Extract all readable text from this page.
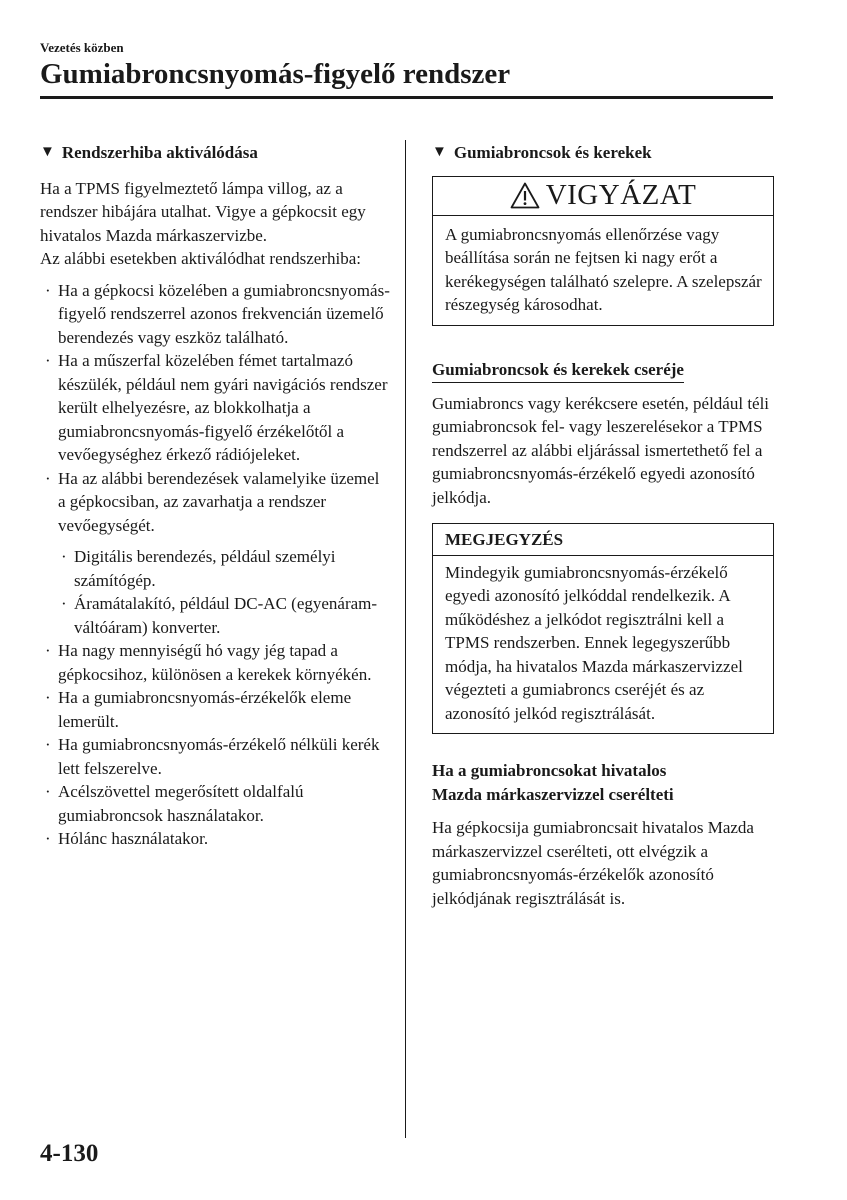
Vezetés közben
Gumiabroncsnyomás-figyelő rendszer
▼ Rendszerhiba aktiválódása

Ha a TPMS figyelmeztető lámpa villog, az a rendszer hibájára utalhat. Vigye a gépkocsit egy hivatalos Mazda márkaszervizbe.

Az alábbi esetekben aktiválódhat rendszerhiba:

· Ha a gépkocsi közelében a gumiabroncsnyomás-figyelő rendszerrel azonos frekvencián üzemelő berendezés vagy eszköz található.
· Ha a műszerfal közelében fémet tartalmazó készülék, például nem gyári navigációs rendszer került elhelyezésre, az blokkolhatja a gumiabroncsnyomás-figyelő érzékelőtől a vevőegységhez érkező rádiójeleket.
· Ha az alábbi berendezések valamelyike üzemel a gépkocsiban, az zavarhatja a rendszer vevőegységét.
· Digitális berendezés, például személyi számítógép.
· Áramátalakító, például DC-AC (egyenáram-váltóáram) konverter.
· Ha nagy mennyiségű hó vagy jég tapad a gépkocsihoz, különösen a kerekek környékén.
· Ha a gumiabroncsnyomás-érzékelők eleme lemerült.
· Ha gumiabroncsnyomás-érzékelő nélküli kerék lett felszerelve.
· Acélszövettel megerősített oldalfalú gumiabroncsok használatakor.
· Hólánc használatakor.
▼ Gumiabroncsok és kerekek
VIGYÁZAT
A gumiabroncsnyomás ellenőrzése vagy beállítása során ne fejtsen ki nagy erőt a kerékegységen található szelepre. A szelepszár részegység károsodhat.
Gumiabroncsok és kerekek cseréje

Gumiabroncs vagy kerékcsere esetén, például téli gumiabroncsok fel- vagy leszerelésekor a TPMS rendszerrel az alábbi eljárással ismertethető fel a gumiabroncsnyomás-érzékelő egyedi azonosító jelkódja.

MEGJEGYZÉS
Mindegyik gumiabroncsnyomás-érzékelő egyedi azonosító jelkóddal rendelkezik. A működéshez a jelkódot regisztrálni kell a TPMS rendszerben. Ennek legegyszerűbb módja, ha hivatalos Mazda márkaszervizzel végezteti a gumiabroncs cseréjét és az azonosító jelkód regisztrálását.
Ha a gumiabroncsokat hivatalos
Mazda márkaszervizzel cserélteti

Ha gépkocsija gumiabroncsait hivatalos Mazda márkaszervizzel cserélteti, ott elvégzik a gumiabroncsnyomás-érzékelők azonosító jelkódjának regisztrálását is.

4-130
